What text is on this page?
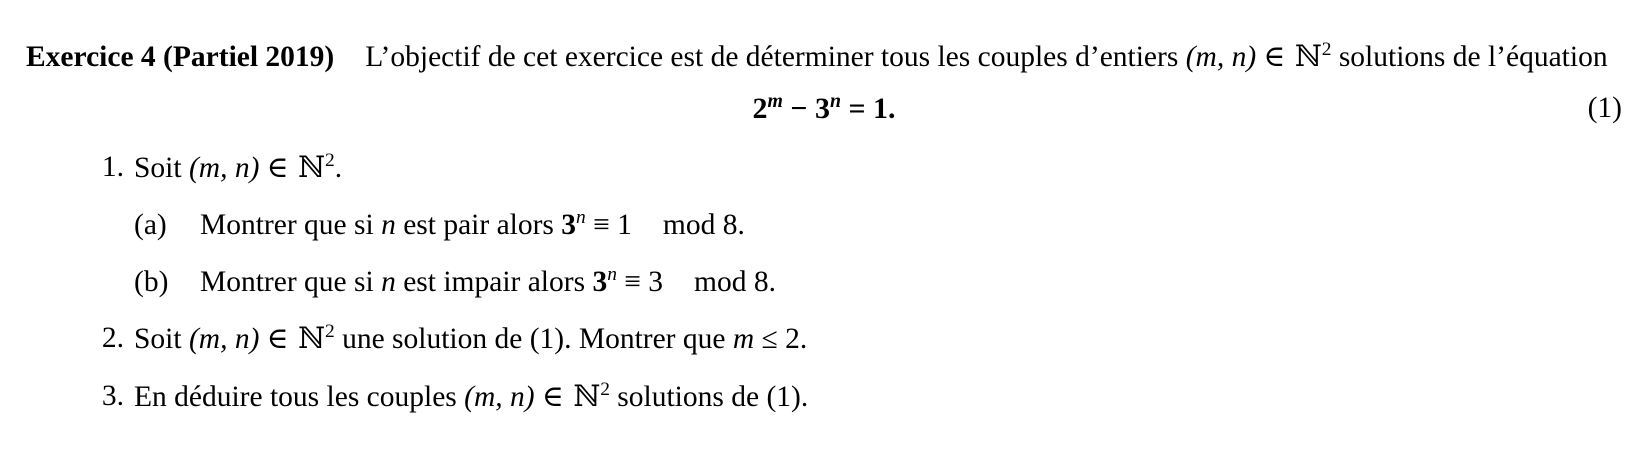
Exercice 4 (Partiel 2019) L’objectif de cet exercice est de déterminer tous les couples d’entiers (m, n) ∈ ℕ$^2$ solutions de l’équation

$2^m - 3^n = 1$.	(1)
1. Soit (m, n) ∈ ℕ$^2$.
(a)	Montrer que si n est pair alors $3^n \equiv 1$ mod 8.
(b)	Montrer que si n est impair alors $3^n \equiv 3$ mod 8.
2. Soit (m, n) ∈ ℕ$^2$ une solution de (1). Montrer que m ≤ 2.
3. En déduire tous les couples (m, n) ∈ ℕ$^2$ solutions de (1).
